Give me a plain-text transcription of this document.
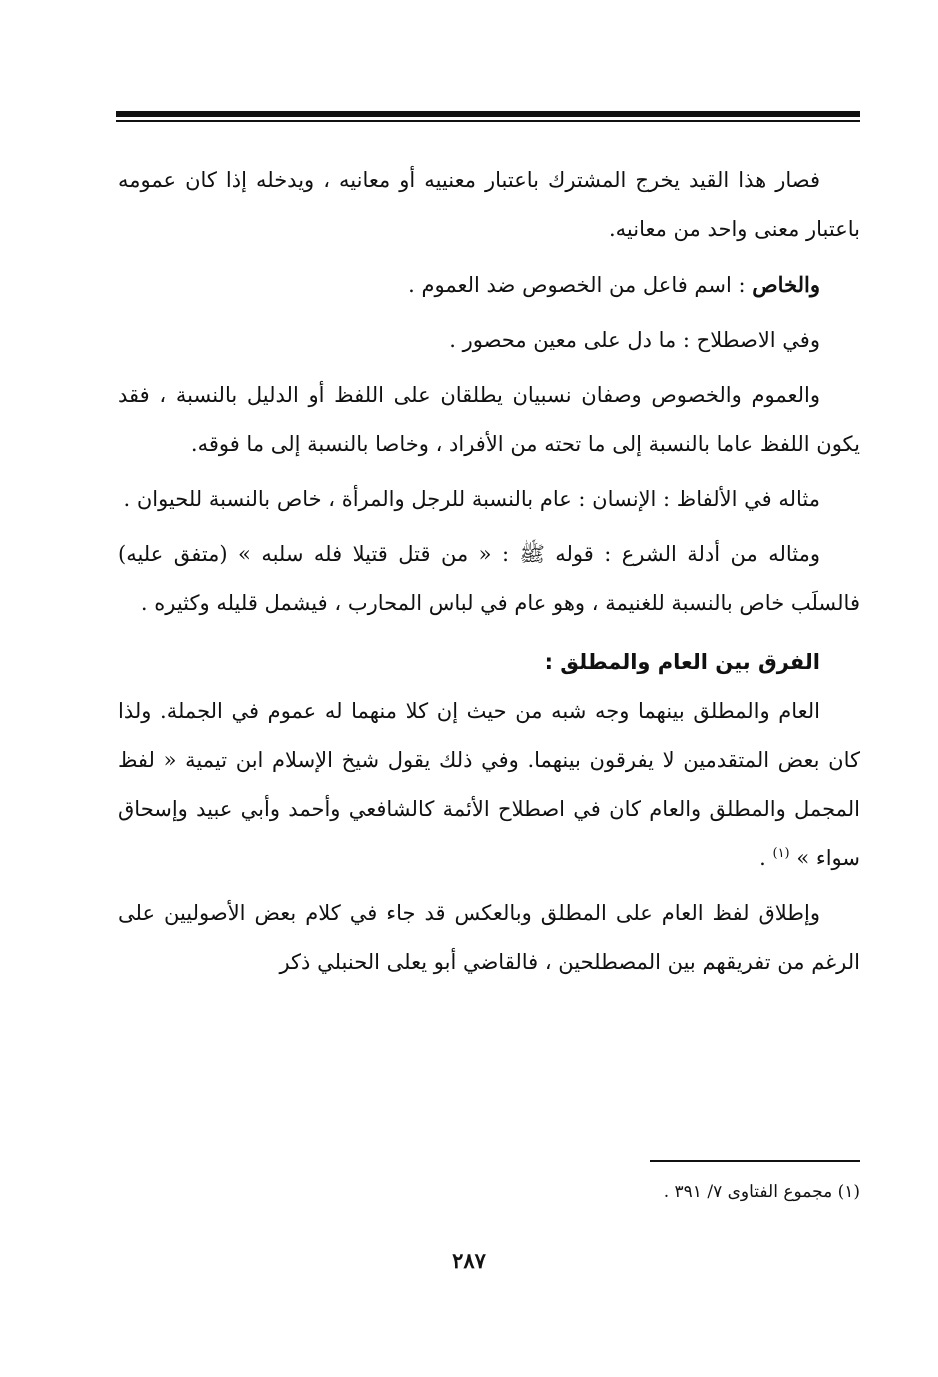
فصار هذا القيد يخرج المشترك باعتبار معنييه أو معانيه ، ويدخله إذا كان عمومه باعتبار معنى واحد من معانيه.

والخاص : اسم فاعل من الخصوص ضد العموم .

وفي الاصطلاح : ما دل على معين محصور .

والعموم والخصوص وصفان نسبيان يطلقان على اللفظ أو الدليل بالنسبة ، فقد يكون اللفظ عاما بالنسبة إلى ما تحته من الأفراد ، وخاصا بالنسبة إلى ما فوقه.

مثاله في الألفاظ : الإنسان : عام بالنسبة للرجل والمرأة ، خاص بالنسبة للحيوان .

ومثاله من أدلة الشرع : قوله ﷺ : « من قتل قتيلا فله سلبه » (متفق عليه) فالسلَب خاص بالنسبة للغنيمة ، وهو عام في لباس المحارب ، فيشمل قليله وكثيره .

الفرق بين العام والمطلق :

العام والمطلق بينهما وجه شبه من حيث إن كلا منهما له عموم في الجملة. ولذا كان بعض المتقدمين لا يفرقون بينهما. وفي ذلك يقول شيخ الإسلام ابن تيمية « لفظ المجمل والمطلق والعام كان في اصطلاح الأئمة كالشافعي وأحمد وأبي عبيد وإسحاق سواء » $^{(١)}$ .

وإطلاق لفظ العام على المطلق وبالعكس قد جاء في كلام بعض الأصوليين على الرغم من تفريقهم بين المصطلحين ، فالقاضي أبو يعلى الحنبلي ذكر

(١) مجموع الفتاوى ٧/ ٣٩١ .
٢٨٧
